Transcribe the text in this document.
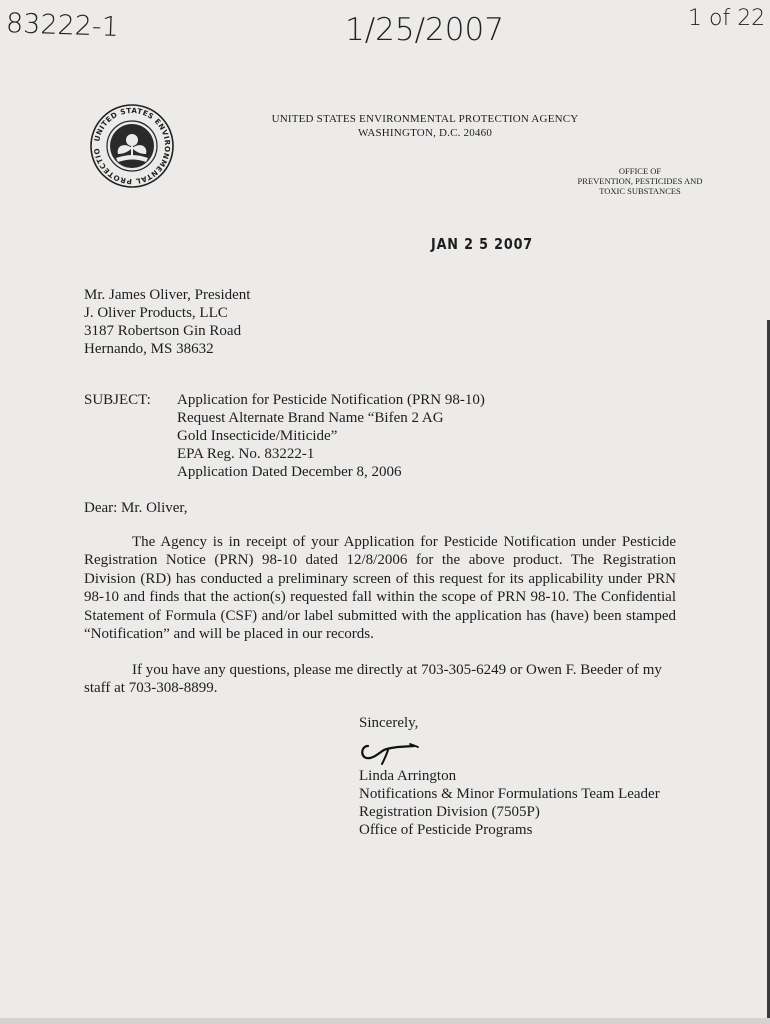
83222-1	1/25/2007	1 of 22
UNITED STATES ENVIRONMENTAL PROTECTIO
UNITED STATES ENVIRONMENTAL PROTECTION AGENCY
WASHINGTON, D.C. 20460
OFFICE OF
PREVENTION, PESTICIDES AND
TOXIC SUBSTANCES
JAN 2 5 2007
Mr. James Oliver, President
J. Oliver Products, LLC
3187 Robertson Gin Road
Hernando, MS 38632
SUBJECT: Application for Pesticide Notification (PRN 98-10)
Request Alternate Brand Name “Bifen 2 AG
Gold Insecticide/Miticide”
EPA Reg. No. 83222-1
Application Dated December 8, 2006
Dear: Mr. Oliver,
The Agency is in receipt of your Application for Pesticide Notification under Pesticide Registration Notice (PRN) 98-10 dated 12/8/2006 for the above product. The Registration Division (RD) has conducted a preliminary screen of this request for its applicability under PRN 98-10 and finds that the action(s) requested fall within the scope of PRN 98-10. The Confidential Statement of Formula (CSF) and/or label submitted with the application has (have) been stamped “Notification” and will be placed in our records.
If you have any questions, please me directly at 703-305-6249 or Owen F. Beeder of my staff at 703-308-8899.
Sincerely,
Linda Arrington
Notifications & Minor Formulations Team Leader
Registration Division (7505P)
Office of Pesticide Programs
